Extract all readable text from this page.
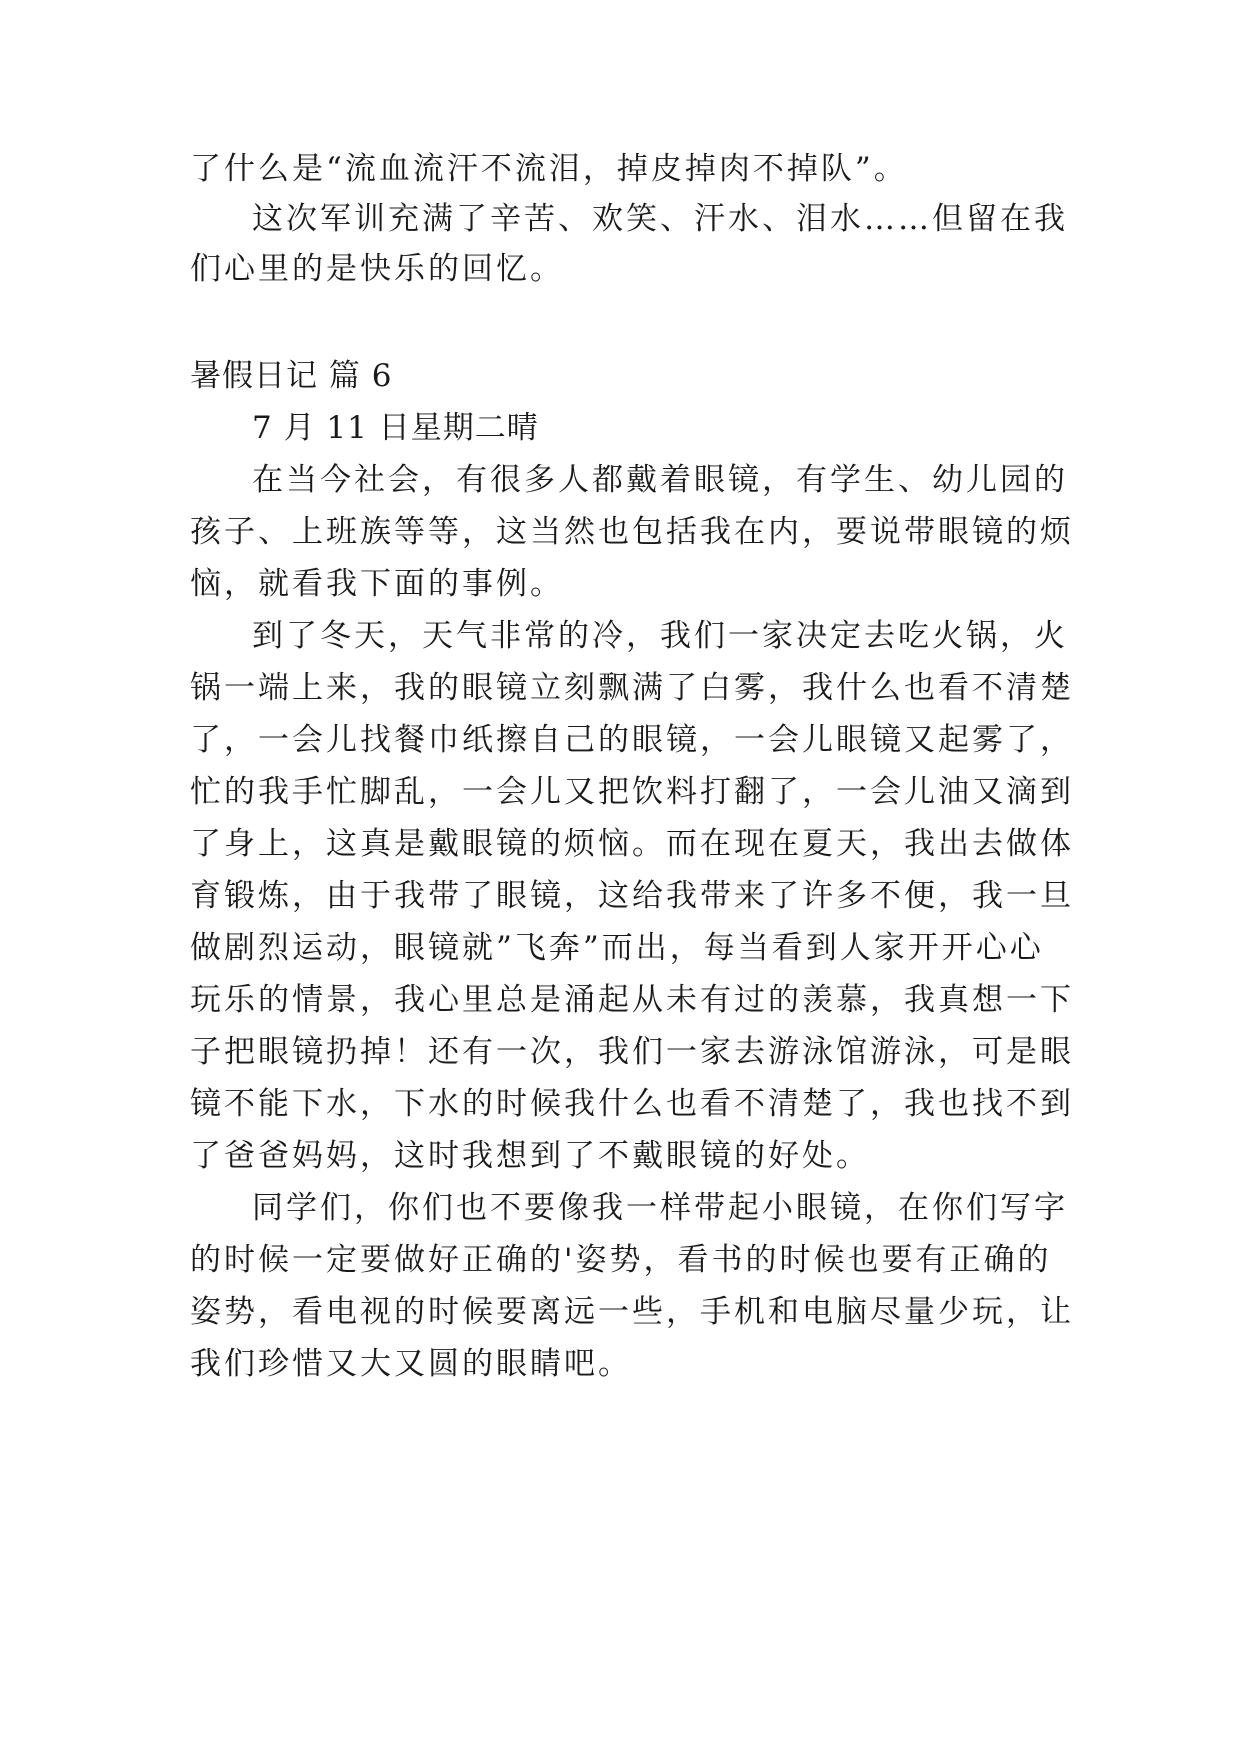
了什么是“流血流汗不流泪，掉皮掉肉不掉队”。
这次军训充满了辛苦、欢笑、汗水、泪水……但留在我
们心里的是快乐的回忆。
暑假日记 篇 6
7 月 11 日星期二晴
在当今社会，有很多人都戴着眼镜，有学生、幼儿园的
孩子、上班族等等，这当然也包括我在内，要说带眼镜的烦
恼，就看我下面的事例。
到了冬天，天气非常的冷，我们一家决定去吃火锅，火
锅一端上来，我的眼镜立刻飘满了白雾，我什么也看不清楚
了，一会儿找餐巾纸擦自己的眼镜，一会儿眼镜又起雾了，
忙的我手忙脚乱，一会儿又把饮料打翻了，一会儿油又滴到
了身上，这真是戴眼镜的烦恼。而在现在夏天，我出去做体
育锻炼，由于我带了眼镜，这给我带来了许多不便，我一旦
做剧烈运动，眼镜就”飞奔”而出，每当看到人家开开心心
玩乐的情景，我心里总是涌起从未有过的羡慕，我真想一下
子把眼镜扔掉！还有一次，我们一家去游泳馆游泳，可是眼
镜不能下水，下水的时候我什么也看不清楚了，我也找不到
了爸爸妈妈，这时我想到了不戴眼镜的好处。
同学们，你们也不要像我一样带起小眼镜，在你们写字
的时候一定要做好正确的'姿势，看书的时候也要有正确的
姿势，看电视的时候要离远一些，手机和电脑尽量少玩，让
我们珍惜又大又圆的眼睛吧。
